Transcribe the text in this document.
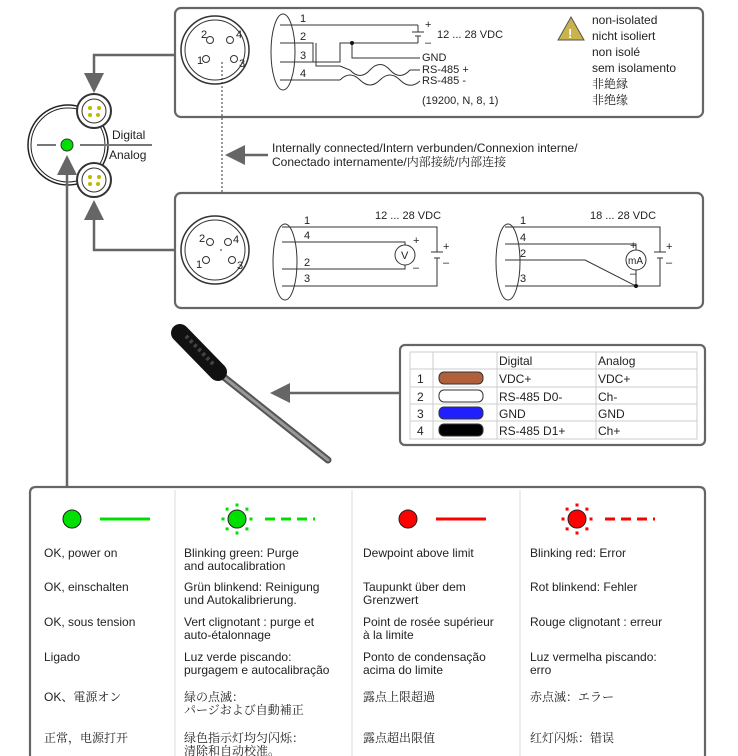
2	4
1	3
1
2
3
4
+
–
12 ... 28 VDC
GND
RS-485 +
RS-485 -
(19200, N, 8, 1)
!
non-isolated
nicht isoliert
non isolé
sem isolamento
非絶縁
非绝缘
Digital
Analog	Internally connected/Intern verbunden/Connexion interne/
Conectado internamente/内部接続/内部连接
2	4
1	3
V
12 ... 28 VDC
1
4
2
3
+
–
+
–	mA
18 ... 28 VDC
1
4
2
3
+
–
+
–
Digital	Analog
1	VDC+	VDC+
2	RS-485 D0-	Ch-
3	GND	GND
4	RS-485 D1+	Ch+
OK, power on
OK, einschalten
OK, sous tension
Ligado
OK、電源オン
正常，电源打开
Blinking green: Purge
and autocalibration
Grün blinkend: Reinigung
und Autokalibrierung.
Vert clignotant : purge et
auto-étalonnage
Luz verde piscando:
purgagem e autocalibração
緑の点滅：
パージおよび自動補正
绿色指示灯均匀闪烁：
清除和自动校准。
Dewpoint above limit
Taupunkt über dem
Grenzwert
Point de rosée supérieur
à la limite
Ponto de condensação
acima do limite
露点上限超過
露点超出限值
Blinking red: Error
Rot blinkend: Fehler
Rouge clignotant : erreur
Luz vermelha piscando:
erro
赤点滅：エラー
红灯闪烁：错误
